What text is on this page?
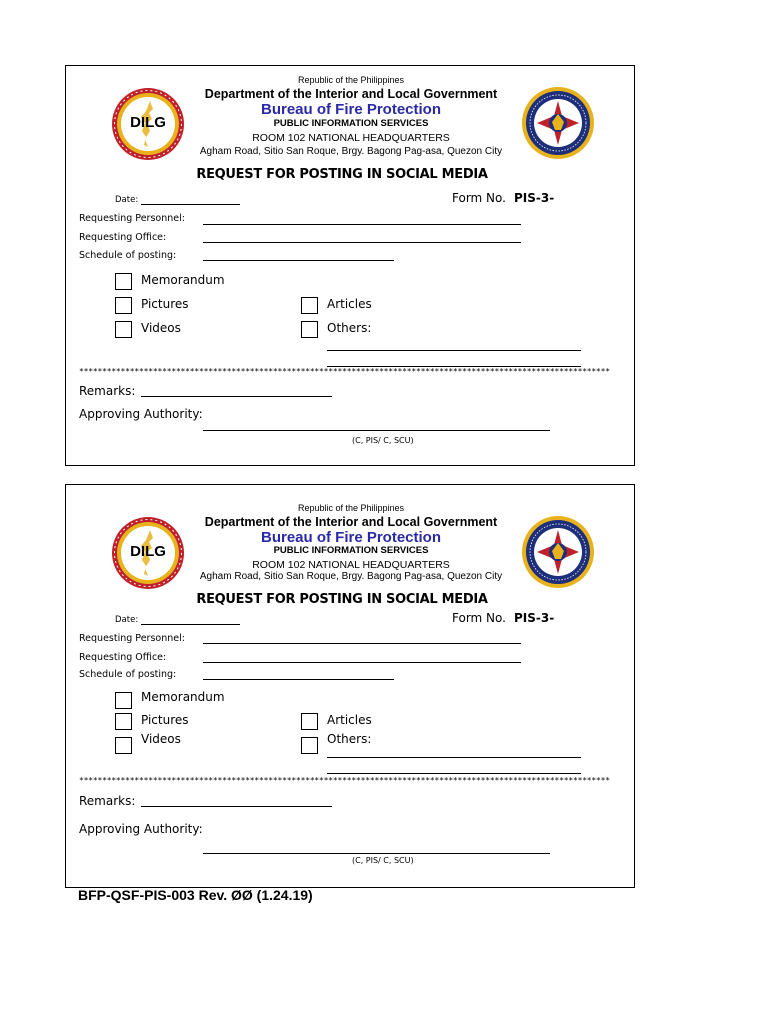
DILG
Republic of the Philippines
Department of the Interior and Local Government
Bureau of Fire Protection
PUBLIC INFORMATION SERVICES
ROOM 102 NATIONAL HEADQUARTERS
Agham Road, Sitio San Roque, Brgy. Bagong Pag-asa, Quezon City
REQUEST FOR POSTING IN SOCIAL MEDIA
Date:	Form No. PIS-3-
Requesting Personnel:
Requesting Office:
Schedule of posting:
Memorandum
Pictures
Videos
Articles
Others:
*******************************************************************************************************************
Remarks:
Approving Authority:
(C, PIS/ C, SCU)
DILG
Republic of the Philippines
Department of the Interior and Local Government
Bureau of Fire Protection
PUBLIC INFORMATION SERVICES
ROOM 102 NATIONAL HEADQUARTERS
Agham Road, Sitio San Roque, Brgy. Bagong Pag-asa, Quezon City
REQUEST FOR POSTING IN SOCIAL MEDIA
Date:	Form No. PIS-3-
Requesting Personnel:
Requesting Office:
Schedule of posting:
Memorandum
Pictures
Videos
Articles
Others:
*******************************************************************************************************************
Remarks:
Approving Authority:
(C, PIS/ C, SCU)
BFP-QSF-PIS-003 Rev. ØØ (1.24.19)
